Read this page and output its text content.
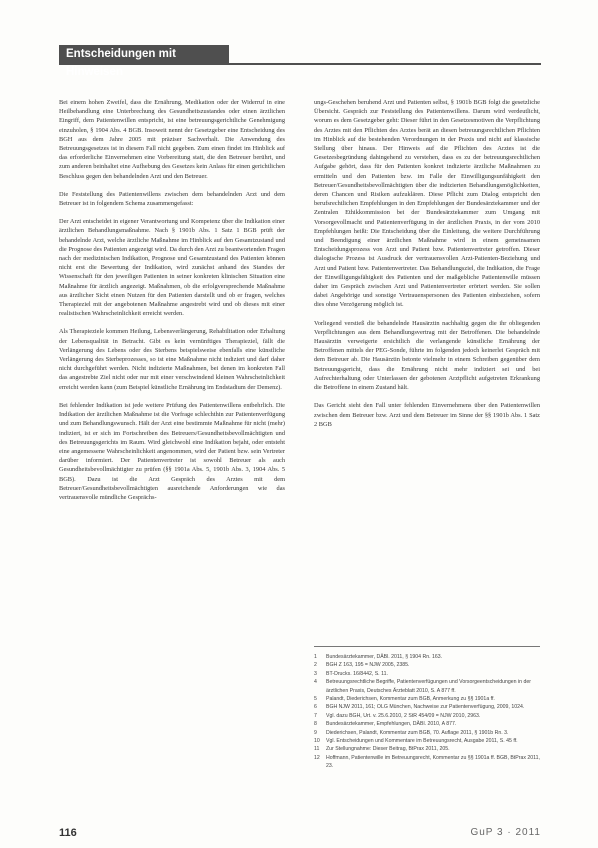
Entscheidungen mit Hinweisen

Bei einem hohen Zweifel, dass die Ernährung, Medikation oder der Widerruf in eine Heilbehandlung eine Unterbrechung des Gesundheitszustandes oder einen ärztlichen Eingriff, dem Patientenwillen entspricht, ist eine betreuungsgerichtliche Genehmigung einzuholen, § 1904 Abs. 4 BGB. Insoweit nennt der Gesetzgeber eine Entscheidung des BGH aus dem Jahre 2005 mit präziser Sachverhalt. Die Anwendung des Betreuungsgesetzes ist in diesem Fall nicht gegeben. Zum einen findet im Hinblick auf das erforderliche Einvernehmen eine Vorbereitung statt, die den Betreuer berührt, und zum anderen beinhaltet eine Aufhebung des Gesetzes kein Anlass für einen gerichtlichen Beschluss gegen den behandelnden Arzt und den Betreuer.

Die Feststellung des Patientenwillens zwischen dem behandelnden Arzt und dem Betreuer ist in folgendem Schema zusammengefasst:

Der Arzt entscheidet in eigener Verantwortung und Kompetenz über die Indikation einer ärztlichen Behandlungsmaßnahme. Nach § 1901b Abs. 1 Satz 1 BGB prüft der behandelnde Arzt, welche ärztliche Maßnahme im Hinblick auf den Gesamtzustand und die Prognose des Patienten angezeigt wird. Da durch den Arzt zu beantwortenden Fragen nach der medizinischen Indikation, Prognose und Gesamtzustand des Patienten können nicht erst die Bewertung der Indikation, wird zunächst anhand des Standes der Wissenschaft für den jeweiligen Patienten in seiner konkreten klinischen Situation eine Maßnahme für ärztlich angezeigt. Maßnahmen, ob die erfolgversprechende Maßnahme aus ärztlicher Sicht einen Nutzen für den Patienten darstellt und ob er fragen, welches Therapieziel mit der angebotenen Maßnahme angestrebt wird und ob dieses mit einer realistischen Wahrscheinlichkeit erreicht werden.

Als Therapieziele kommen Heilung, Lebensverlängerung, Rehabilitation oder Erhaltung der Lebensqualität in Betracht. Gibt es kein vernünftiges Therapieziel, fällt die Verlängerung des Lebens oder des Sterbens beispielsweise ebenfalls eine künstliche Verlängerung des Sterbeprozesses, so ist eine Maßnahme nicht indiziert und darf daher nicht durchgeführt werden. Nicht indizierte Maßnahmen, bei denen im konkreten Fall das angestrebte Ziel nicht oder nur mit einer verschwindend kleinen Wahrscheinlichkeit erreicht werden kann (zum Beispiel künstliche Ernährung im Endstadium der Demenz).

Bei fehlender Indikation ist jede weitere Prüfung des Patientenwillens entbehrlich. Die Indikation der ärztlichen Maßnahme ist die Vorfrage schlechthin zur Patientenverfügung und zum Behandlungswunsch. Hält der Arzt eine bestimmte Maßnahme für nicht (mehr) indiziert, ist er sich im Fortschreiben des Betreuers/Gesundheitsbevollmächtigten und des Betreuungsgerichts im Raum. Wird gleichwohl eine Indikation bejaht, oder entsteht eine angemessene Wahrscheinlichkeit angenommen, wird der Patient bzw. sein Vertreter darüber informiert. Der Patientenvertreter ist sowohl Betreuer als auch Gesundheitsbevollmächtigter zu prüfen (§§ 1901a Abs. 5, 1901b Abs. 3, 1904 Abs. 5 BGB). Dazu ist die Arzt Gespräch des Arztes mit dem Betreuer/Gesundheitsbevollmächtigten ausreichende Anforderungen wie das vertrauensvolle mündliche Gesprächs-

ungs-Geschehen beruhend Arzt und Patienten selbst, § 1901b BGB folgt die gesetzliche Übersicht. Gespräch zur Feststellung des Patientenwillens. Darum wird verdeutlicht, worum es dem Gesetzgeber geht: Dieser führt in den Gesetzesmotiven die Verpflichtung des Arztes mit den Pflichten des Arztes berät an diesen betreuungsrechtlichen Pflichten im Hinblick auf die bestehenden Verordnungen in der Praxis und nicht auf klassische Stellung über hinaus. Der Hinweis auf die Pflichten des Arztes ist die Gesetzesbegründung dahingehend zu verstehen, dass es zu der betreuungsrechtlichen Aufgabe gehört, dass für den Patienten konkret indizierte ärztliche Maßnahmen zu ermitteln und den Patienten bzw. im Falle der Einwilligungsunfähigkeit den Betreuer/Gesundheitsbevollmächtigten über die indizierten Behandlungsmöglichkeiten, deren Chancen und Risiken aufzuklären. Diese Pflicht zum Dialog entspricht den berufsrechtlichen Empfehlungen in den Empfehlungen der Bundesärztekammer und der Zentralen Ethikkommission bei der Bundesärztekammer zum Umgang mit Vorsorgevollmacht und Patientenverfügung in der ärztlichen Praxis, in der vom 2010 Empfehlungen heißt: Die Entscheidung über die Einleitung, die weitere Durchführung und Beendigung einer ärztlichen Maßnahme wird in einem gemeinsamen Entscheidungsprozess von Arzt und Patient bzw. Patientenvertreter getroffen. Dieser dialogische Prozess ist Ausdruck der vertrauensvollen Arzt-Patienten-Beziehung und Arzt und Patient bzw. Patientenvertreter. Das Behandlungsziel, die Indikation, die Frage der Einwilligungsfähigkeit des Patienten und der maßgebliche Patientenwille müssen daher im Gespräch zwischen Arzt und Patientenvertreter erörtert werden. Sie sollen dabei Angehörige und sonstige Vertrauenspersonen des Patienten einbeziehen, sofern dies ohne Verzögerung möglich ist.

Vorliegend verstieß die behandelnde Hausärztin nachhaltig gegen die ihr obliegenden Verpflichtungen aus dem Behandlungsvertrag mit der Betroffenen. Die behandelnde Hausärztin verweigerte ersichtlich die verlangende künstliche Ernährung der Betroffenen mittels der PEG-Sonde, führte im folgenden jedoch keinerlei Gespräch mit dem Betreuer ab. Die Hausärztin betonte vielmehr in einem Schreiben gegenüber dem Betreuungsgericht, dass die Ernährung nicht mehr indiziert sei und bei Aufrechterhaltung oder Unterlassen der gebotenen Arztpflicht aufgetreten Erkrankung die Betroffene in einem Zustand hält.

Das Gericht sieht den Fall unter fehlenden Einvernehmens über den Patientenwillen zwischen dem Betreuer bzw. Arzt und dem Betreuer im Sinne der §§ 1901b Abs. 1 Satz 2 BGB

1	Bundesärztekammer, DÄBl. 2011, § 1904 Rn. 163.
2	BGH Z 163, 195 = NJW 2005, 2385.
3	BT-Drucks. 16/8442, S. 11.
4	Betreuungsrechtliche Begriffe, Patientenverfügungen und Vorsorgeentscheidungen in der ärztlichen Praxis, Deutsches Ärzteblatt 2010, S. A 877 ff.
5	Palandt, Diederichsen, Kommentar zum BGB, Anmerkung zu §§ 1901a ff.
6	BGH NJW 2011, 161; OLG München, Nachweise zur Patientenverfügung, 2009, 1024.
7	Vgl. dazu BGH, Urt. v. 25.6.2010, 2 StR 454/09 = NJW 2010, 2963.
8	Bundesärztekammer, Empfehlungen, DÄBl. 2010, A 877.
9	Diederichsen, Palandt, Kommentar zum BGB, 70. Auflage 2011, § 1901b Rn. 3.
10	Vgl. Entscheidungen und Kommentare im Betreuungsrecht, Ausgabe 2011, S. 45 ff.
11	Zur Stellungnahme: Dieser Beitrag, BtPrax 2011, 205.
12	Hoffmann, Patientenwille im Betreuungsrecht, Kommentar zu §§ 1901a ff. BGB, BtPrax 2011, 23.
116	GuP 3 · 2011
